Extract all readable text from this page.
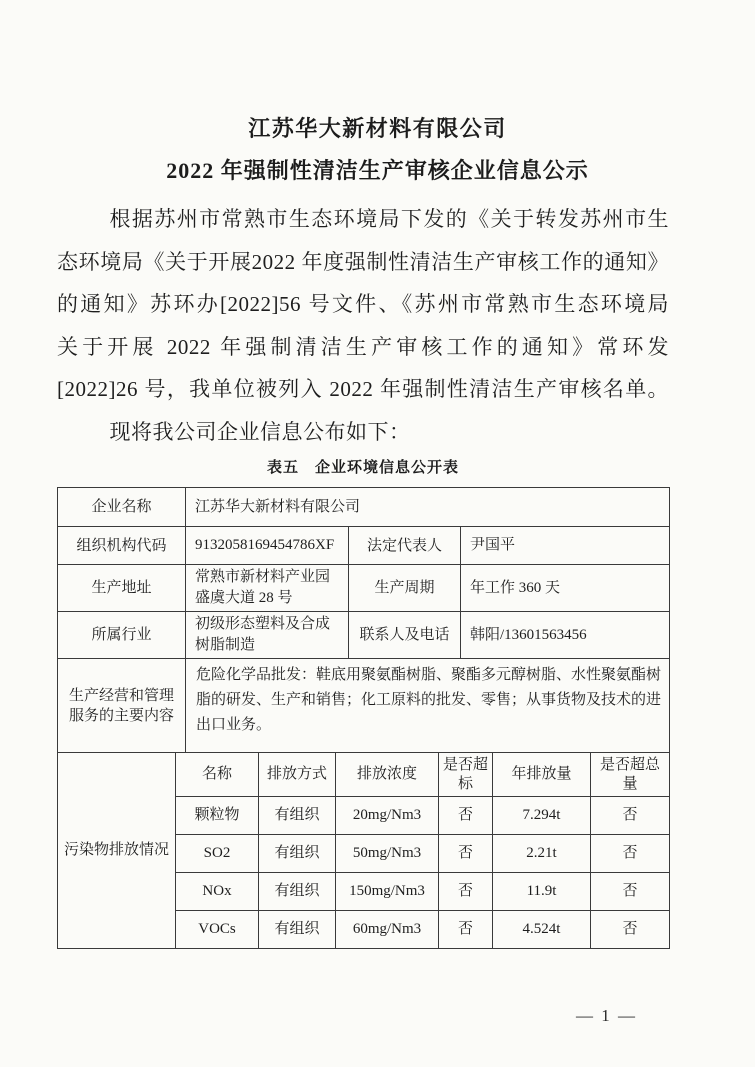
江苏华大新材料有限公司
2022 年强制性清洁生产审核企业信息公示
根据苏州市常熟市生态环境局下发的《关于转发苏州市生
态环境局《关于开展2022 年度强制性清洁生产审核工作的通知》
的通知》苏环办[2022]56 号文件、《苏州市常熟市生态环境局
关于开展 2022 年强制清洁生产审核工作的通知》常环发
[2022]26 号，我单位被列入 2022 年强制性清洁生产审核名单。
现将我公司企业信息公布如下：
表五　企业环境信息公开表
企业名称	江苏华大新材料有限公司		
组织机构代码	9132058169454786XF	法定代表人	尹国平
生产地址	常熟市新材料产业园盛虞大道 28 号	生产周期	年工作 360 天
所属行业	初级形态塑料及合成树脂制造	联系人及电话	韩阳/13601563456
生产经营和管理服务的主要内容	危险化学品批发：鞋底用聚氨酯树脂、聚酯多元醇树脂、水性聚氨酯树脂的研发、生产和销售；化工原料的批发、零售；从事货物及技术的进出口业务。		
污染物排放情况	名称	排放方式	排放浓度	是否超标	年排放量	是否超总量
	颗粒物	有组织	20mg/Nm3	否	7.294t	否
	SO2	有组织	50mg/Nm3	否	2.21t	否
	NOx	有组织	150mg/Nm3	否	11.9t	否
	VOCs	有组织	60mg/Nm3	否	4.524t	否
— 1 —
